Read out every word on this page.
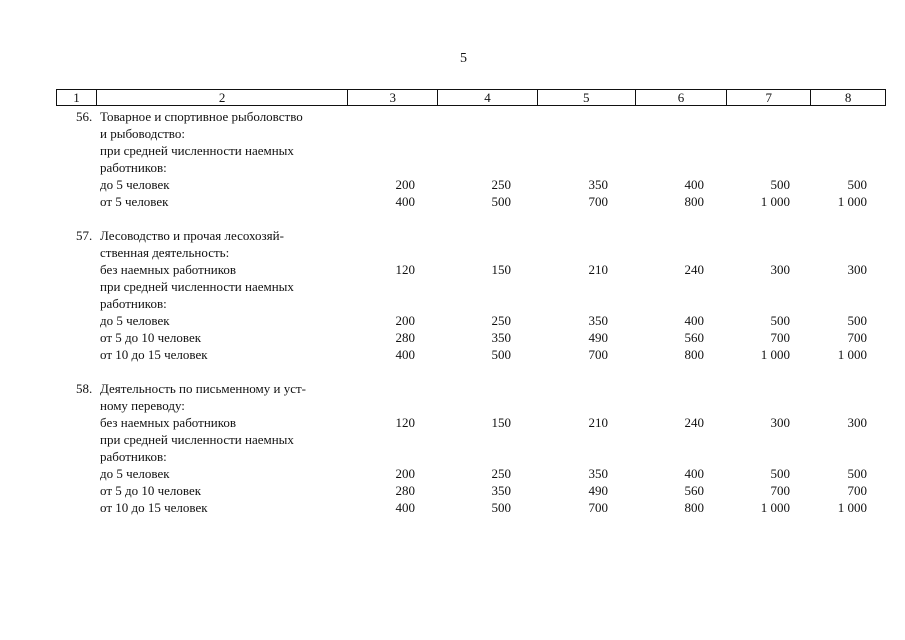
5
1	2	3	4	5	6	7	8
56. Товарное и спортивное рыболовство
и рыбоводство:
при средней численности наемных
работников:
до 5 человек	200	250	350	400	500	500
от 5 человек	400	500	700	800	1 000	1 000
57. Лесоводство и прочая лесохозяй-
ственная деятельность:
без наемных работников	120	150	210	240	300	300
при средней численности наемных
работников:
до 5 человек	200	250	350	400	500	500
от 5 до 10 человек	280	350	490	560	700	700
от 10 до 15 человек	400	500	700	800	1 000	1 000
58. Деятельность по письменному и уст-
ному переводу:
без наемных работников	120	150	210	240	300	300
при средней численности наемных
работников:
до 5 человек	200	250	350	400	500	500
от 5 до 10 человек	280	350	490	560	700	700
от 10 до 15 человек	400	500	700	800	1 000	1 000
